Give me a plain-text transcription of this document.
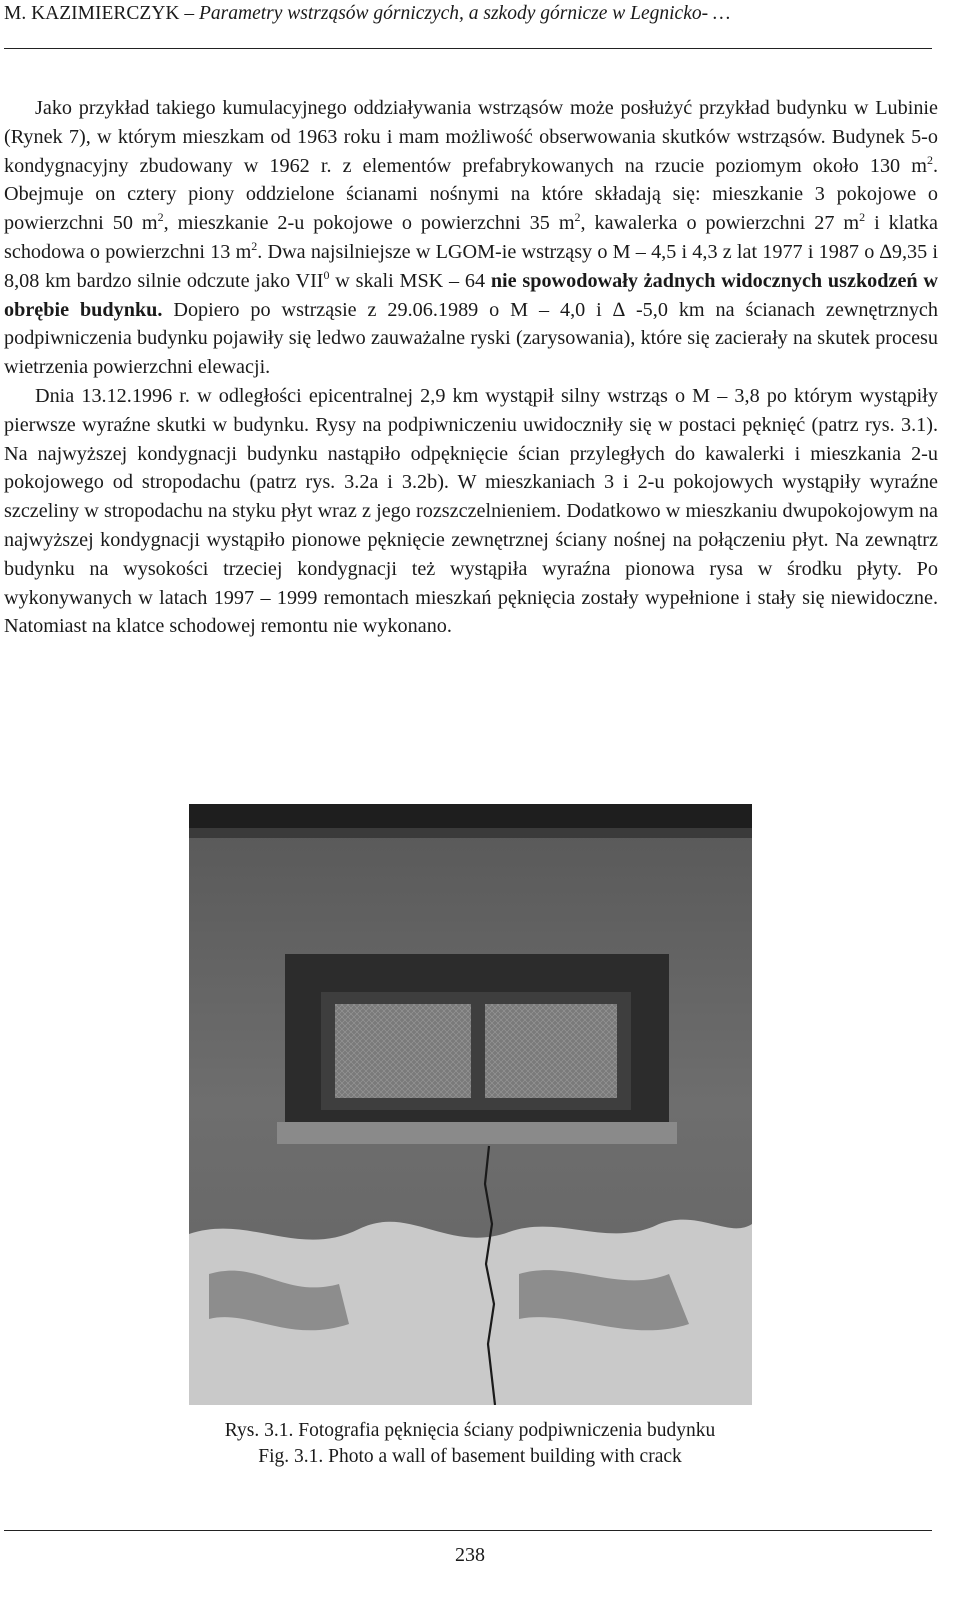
M. KAZIMIERCZYK – Parametry wstrząsów górniczych, a szkody górnicze w Legnicko- …

Jako przykład takiego kumulacyjnego oddziaływania wstrząsów może posłużyć przykład budynku w Lubinie (Rynek 7), w którym mieszkam od 1963 roku i mam możliwość obserwowania skutków wstrząsów. Budynek 5-o kondygnacyjny zbudowany w 1962 r. z elementów prefabrykowanych na rzucie poziomym około 130 $m^2$. Obejmuje on cztery piony oddzielone ścianami nośnymi na które składają się: mieszkanie 3 pokojowe o powierzchni 50 $m^2$, mieszkanie 2-u pokojowe o powierzchni 35 $m^2$, kawalerka o powierzchni 27 $m^2$ i klatka schodowa o powierzchni 13 $m^2$. Dwa najsilniejsze w LGOM-ie wstrząsy o M – 4,5 i 4,3 z lat 1977 i 1987 o ∆9,35 i 8,08 km bardzo silnie odczute jako VII$^0$ w skali MSK – 64 nie spowodowały żadnych widocznych uszkodzeń w obrębie budynku. Dopiero po wstrząsie z 29.06.1989 o M – 4,0 i ∆ -5,0 km na ścianach zewnętrznych podpiwniczenia budynku pojawiły się ledwo zauważalne ryski (zarysowania), które się zacierały na skutek procesu wietrzenia powierzchni elewacji.

Dnia 13.12.1996 r. w odległości epicentralnej 2,9 km wystąpił silny wstrząs o M – 3,8 po którym wystąpiły pierwsze wyraźne skutki w budynku. Rysy na podpiwniczeniu uwidoczniły się w postaci pęknięć (patrz rys. 3.1). Na najwyższej kondygnacji budynku nastąpiło odpęknięcie ścian przyległych do kawalerki i mieszkania 2-u pokojowego od stropodachu (patrz rys. 3.2a i 3.2b). W mieszkaniach 3 i 2-u pokojowych wystąpiły wyraźne szczeliny w stropodachu na styku płyt wraz z jego rozszczelnieniem. Dodatkowo w mieszkaniu dwupokojowym na najwyższej kondygnacji wystąpiło pionowe pęknięcie zewnętrznej ściany nośnej na połączeniu płyt. Na zewnątrz budynku na wysokości trzeciej kondygnacji też wystąpiła wyraźna pionowa rysa w środku płyty. Po wykonywanych w latach 1997 – 1999 remontach mieszkań pęknięcia zostały wypełnione i stały się niewidoczne. Natomiast na klatce schodowej remontu nie wykonano.

Rys. 3.1. Fotografia pęknięcia ściany podpiwniczenia budynku
Fig. 3.1. Photo a wall of basement building with crack
238
